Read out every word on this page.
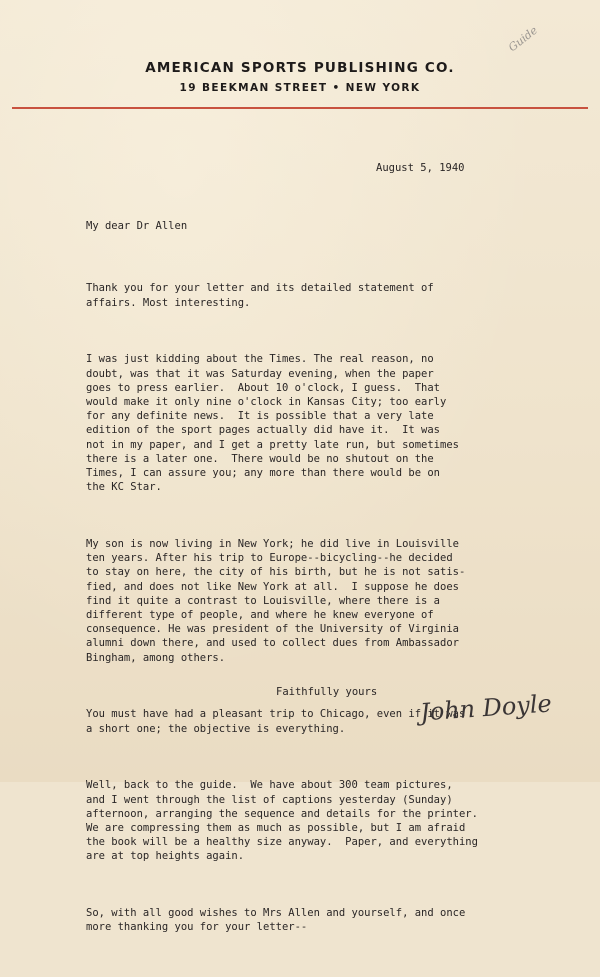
AMERICAN SPORTS PUBLISHING CO.
19 BEEKMAN STREET • NEW YORK
Guide
August 5, 1940
My dear Dr Allen

Thank you for your letter and its detailed statement of
affairs. Most interesting.

I was just kidding about the Times. The real reason, no
doubt, was that it was Saturday evening, when the paper
goes to press earlier.  About 10 o'clock, I guess.  That
would make it only nine o'clock in Kansas City; too early
for any definite news.  It is possible that a very late
edition of the sport pages actually did have it.  It was
not in my paper, and I get a pretty late run, but sometimes
there is a later one.  There would be no shutout on the
Times, I can assure you; any more than there would be on
the KC Star.

My son is now living in New York; he did live in Louisville
ten years. After his trip to Europe--bicycling--he decided
to stay on here, the city of his birth, but he is not satis-
fied, and does not like New York at all.  I suppose he does
find it quite a contrast to Louisville, where there is a
different type of people, and where he knew everyone of
consequence. He was president of the University of Virginia
alumni down there, and used to collect dues from Ambassador
Bingham, among others.

You must have had a pleasant trip to Chicago, even if it was
a short one; the objective is everything.

Well, back to the guide.  We have about 300 team pictures,
and I went through the list of captions yesterday (Sunday)
afternoon, arranging the sequence and details for the printer.
We are compressing them as much as possible, but I am afraid
the book will be a healthy size anyway.  Paper, and everything
are at top heights again.

So, with all good wishes to Mrs Allen and yourself, and once
more thanking you for your letter--

Faithfully yours John Doyle
